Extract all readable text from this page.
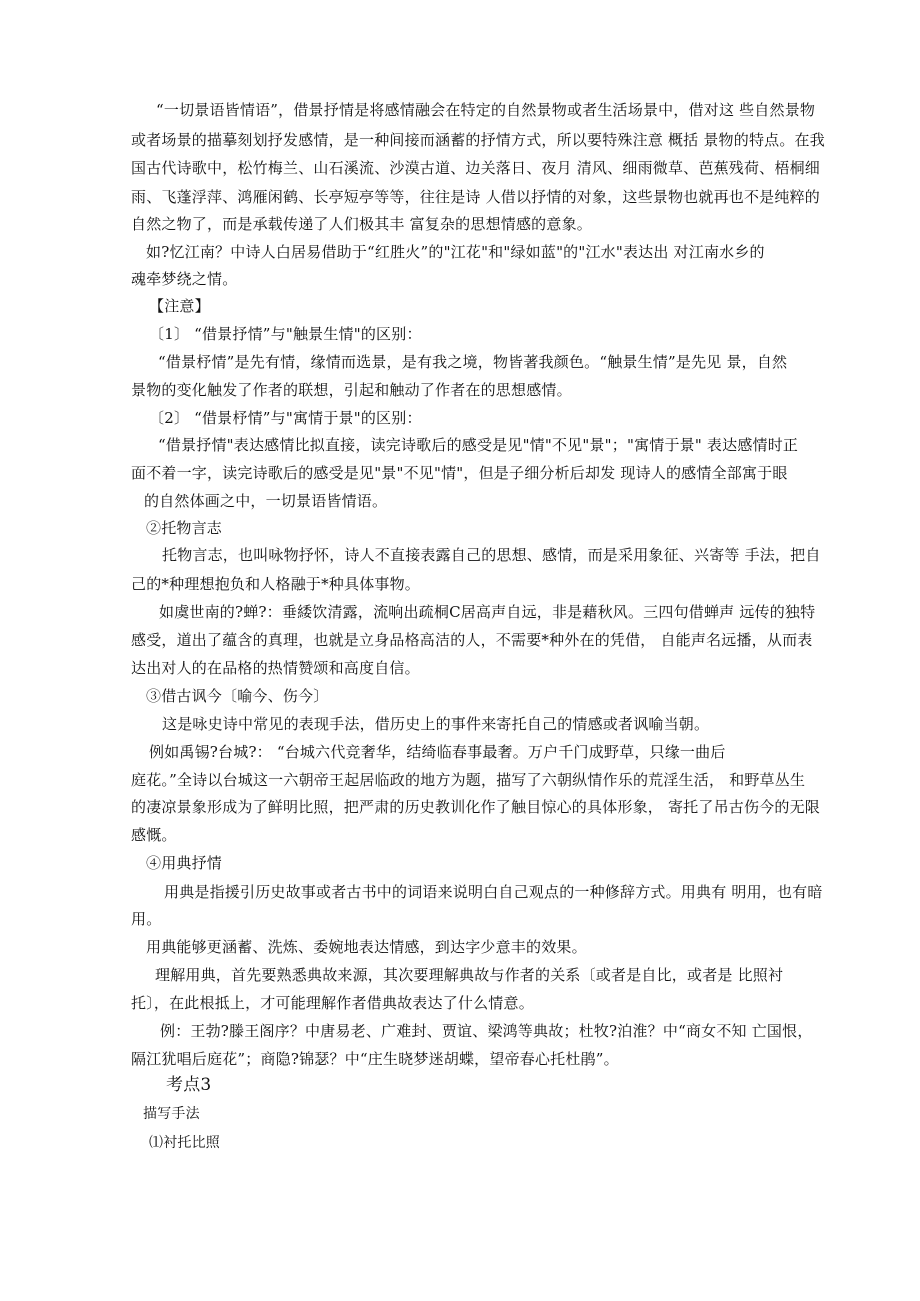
“一切景语皆情语”，借景抒情是将感情融会在特定的自然景物或者生活场景中，借对这 些自然景物
或者场景的描摹刻划抒发感情，是一种间接而涵蓄的抒情方式，所以要特殊注意 概括 景物的特点。在我
国古代诗歌中，松竹梅兰、山石溪流、沙漠古道、边关落日、夜月 清风、细雨微草、芭蕉残荷、梧桐细
雨、飞蓬浮萍、鸿雁闲鹤、长亭短亭等等，往往是诗 人借以抒情的对象，这些景物也就再也不是纯粹的
自然之物了，而是承载传递了人们极其丰 富复杂的思想情感的意象。
如?忆江南？中诗人白居易借助于“红胜火”的"江花"和"绿如蓝"的"江水"表达出 对江南水乡的
魂牵梦绕之情。
【注意】
〔1〕 “借景抒情”与"触景生情"的区别：
“借景杼情”是先有情，缘情而选景，是有我之境，物皆著我颜色。“触景生情”是先见 景，自然
景物的变化触发了作者的联想，引起和触动了作者在的思想感情。
〔2〕 “借景杼情”与"寓情于景"的区别：
“借景抒情"表达感情比拟直接，读完诗歌后的感受是见"情"不见"景"；"寓情于景" 表达感情时正
面不着一字，读完诗歌后的感受是见"景"不见"情"，但是子细分析后却发 现诗人的感情全部寓于眼
的自然体画之中，一切景语皆情语。
②托物言志
托物言志，也叫咏物抒怀，诗人不直接表露自己的思想、感情，而是采用象征、兴寄等 手法，把自
己的*种理想抱负和人格融于*种具体事物。
如虞世南的?蝉?：垂緌饮清露，流响出疏桐C居高声自远，非是藉秋风。三四句借蝉声 远传的独特
感受，道出了蕴含的真理，也就是立身品格高洁的人，不需要*种外在的凭借， 自能声名远播，从而表
达出对人的在品格的热情赞颂和高度自信。
③借古讽今〔喻今、伤今〕
这是咏史诗中常见的表现手法，借历史上的事件来寄托自己的情感或者讽喻当朝。
例如禹锡?台城?： “台城六代竞奢华，结绮临春事最奢。万户千门成野草，只缘一曲后
庭花。”全诗以台城这一六朝帝王起居临政的地方为题，描写了六朝纵情作乐的荒淫生活， 和野草丛生
的凄凉景象形成为了鲜明比照，把严肃的历史教训化作了触目惊心的具体形象， 寄托了吊古伤今的无限
感慨。
④用典抒情
用典是指援引历史故事或者古书中的词语来说明白自己观点的一种修辞方式。用典有 明用，也有暗
用。
用典能够更涵蓄、洗炼、委婉地表达情感，到达字少意丰的效果。
理解用典，首先要熟悉典故来源，其次要理解典故与作者的关系〔或者是自比，或者是 比照衬
托〕，在此根抵上，才可能理解作者借典故表达了什么情意。
例：王勃?滕王阁序？中唐易老、广难封、贾谊、梁鸿等典故；杜牧?泊淮？中“商女不知 亡国恨，
隔江犹唱后庭花”；商隐?锦瑟？中“庄生晓梦迷胡蝶，望帝春心托杜鹃”。
考点3
描写手法
⑴衬托比照
